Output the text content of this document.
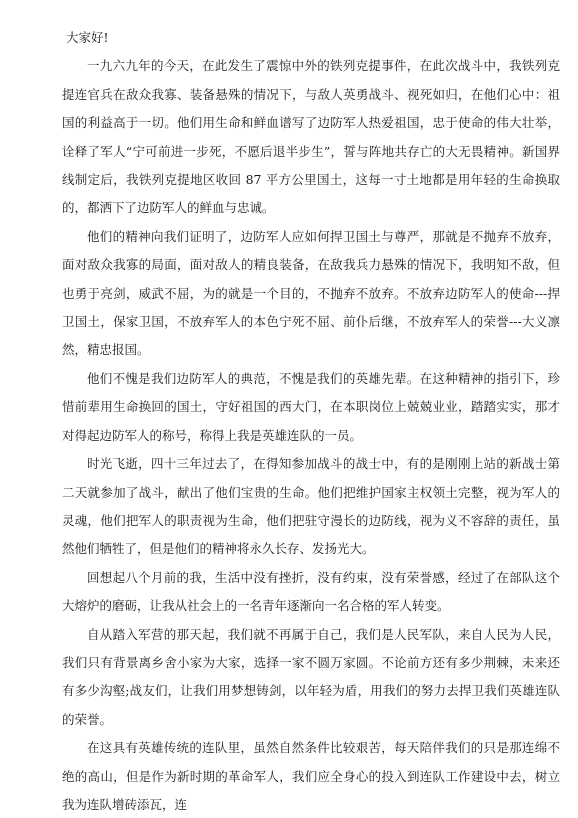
大家好!

一九六九年的今天，在此发生了震惊中外的铁列克提事件，在此次战斗中，我铁列克提连官兵在敌众我寡、装备悬殊的情况下，与敌人英勇战斗、视死如归，在他们心中：祖国的利益高于一切。他们用生命和鲜血谱写了边防军人热爱祖国，忠于使命的伟大壮举，诠释了军人“宁可前进一步死，不愿后退半步生”，誓与阵地共存亡的大无畏精神。新国界线制定后，我铁列克提地区收回 87 平方公里国土，这每一寸土地都是用年轻的生命换取的，都洒下了边防军人的鲜血与忠诚。

他们的精神向我们证明了，边防军人应如何捍卫国土与尊严，那就是不抛弃不放弃，面对敌众我寡的局面，面对敌人的精良装备，在敌我兵力悬殊的情况下，我明知不敌，但也勇于亮剑，威武不屈，为的就是一个目的，不抛弃不放弃。不放弃边防军人的使命---捍卫国土，保家卫国，不放弃军人的本色宁死不屈、前仆后继，不放弃军人的荣誉---大义凛然，精忠报国。

他们不愧是我们边防军人的典范，不愧是我们的英雄先辈。在这种精神的指引下，珍惜前辈用生命换回的国土，守好祖国的西大门，在本职岗位上兢兢业业，踏踏实实，那才对得起边防军人的称号，称得上我是英雄连队的一员。

时光飞逝，四十三年过去了，在得知参加战斗的战士中，有的是刚刚上站的新战士第二天就参加了战斗，献出了他们宝贵的生命。他们把维护国家主权领土完整，视为军人的灵魂，他们把军人的职责视为生命，他们把驻守漫长的边防线，视为义不容辞的责任，虽然他们牺牲了，但是他们的精神将永久长存、发扬光大。

回想起八个月前的我，生活中没有挫折，没有约束，没有荣誉感，经过了在部队这个大熔炉的磨砺，让我从社会上的一名青年逐渐向一名合格的军人转变。

自从踏入军营的那天起，我们就不再属于自己，我们是人民军队，来自人民为人民，我们只有背景离乡舍小家为大家，选择一家不圆万家圆。不论前方还有多少荆棘，未来还有多少沟壑;战友们，让我们用梦想铸剑，以年轻为盾，用我们的努力去捍卫我们英雄连队的荣誉。

在这具有英雄传统的连队里，虽然自然条件比较艰苦，每天陪伴我们的只是那连绵不绝的高山，但是作为新时期的革命军人，我们应全身心的投入到连队工作建设中去，树立我为连队增砖添瓦，连
